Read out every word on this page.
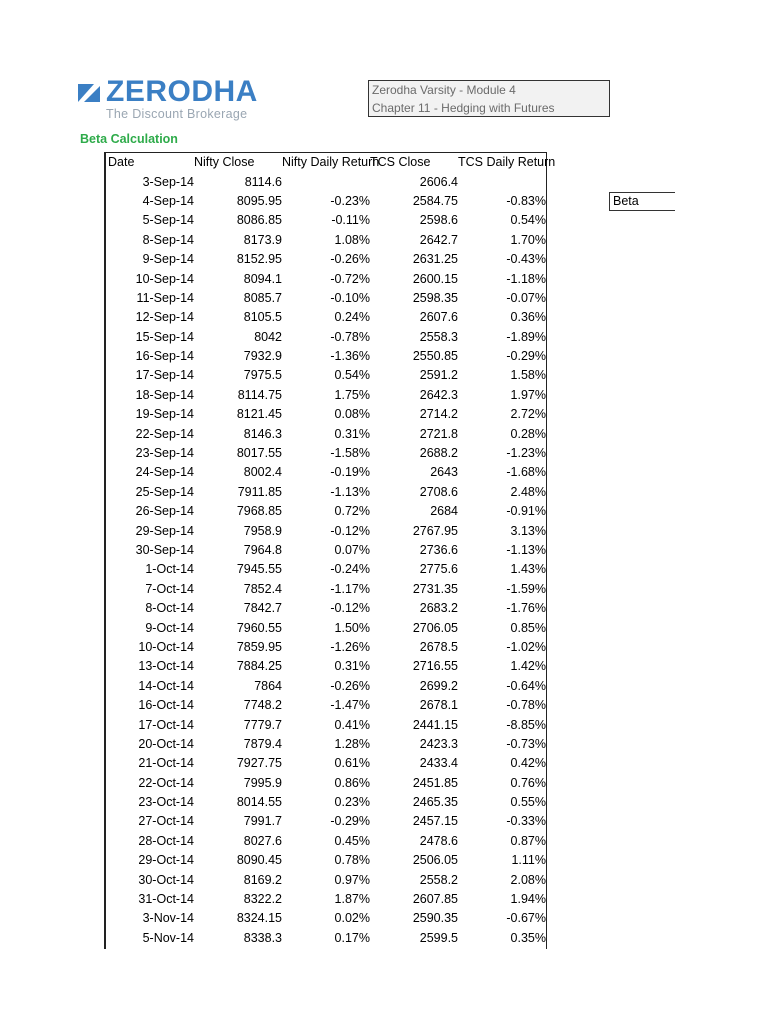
ZERODHA
The Discount Brokerage
Zerodha Varsity - Module 4
Chapter 11 - Hedging with Futures
Beta Calculation
Date	Nifty Close	Nifty Daily Return	TCS Close	TCS Daily Return
3-Sep-14	8114.6		2606.4	
4-Sep-14	8095.95	-0.23%	2584.75	-0.83%
5-Sep-14	8086.85	-0.11%	2598.6	0.54%
8-Sep-14	8173.9	1.08%	2642.7	1.70%
9-Sep-14	8152.95	-0.26%	2631.25	-0.43%
10-Sep-14	8094.1	-0.72%	2600.15	-1.18%
11-Sep-14	8085.7	-0.10%	2598.35	-0.07%
12-Sep-14	8105.5	0.24%	2607.6	0.36%
15-Sep-14	8042	-0.78%	2558.3	-1.89%
16-Sep-14	7932.9	-1.36%	2550.85	-0.29%
17-Sep-14	7975.5	0.54%	2591.2	1.58%
18-Sep-14	8114.75	1.75%	2642.3	1.97%
19-Sep-14	8121.45	0.08%	2714.2	2.72%
22-Sep-14	8146.3	0.31%	2721.8	0.28%
23-Sep-14	8017.55	-1.58%	2688.2	-1.23%
24-Sep-14	8002.4	-0.19%	2643	-1.68%
25-Sep-14	7911.85	-1.13%	2708.6	2.48%
26-Sep-14	7968.85	0.72%	2684	-0.91%
29-Sep-14	7958.9	-0.12%	2767.95	3.13%
30-Sep-14	7964.8	0.07%	2736.6	-1.13%
1-Oct-14	7945.55	-0.24%	2775.6	1.43%
7-Oct-14	7852.4	-1.17%	2731.35	-1.59%
8-Oct-14	7842.7	-0.12%	2683.2	-1.76%
9-Oct-14	7960.55	1.50%	2706.05	0.85%
10-Oct-14	7859.95	-1.26%	2678.5	-1.02%
13-Oct-14	7884.25	0.31%	2716.55	1.42%
14-Oct-14	7864	-0.26%	2699.2	-0.64%
16-Oct-14	7748.2	-1.47%	2678.1	-0.78%
17-Oct-14	7779.7	0.41%	2441.15	-8.85%
20-Oct-14	7879.4	1.28%	2423.3	-0.73%
21-Oct-14	7927.75	0.61%	2433.4	0.42%
22-Oct-14	7995.9	0.86%	2451.85	0.76%
23-Oct-14	8014.55	0.23%	2465.35	0.55%
27-Oct-14	7991.7	-0.29%	2457.15	-0.33%
28-Oct-14	8027.6	0.45%	2478.6	0.87%
29-Oct-14	8090.45	0.78%	2506.05	1.11%
30-Oct-14	8169.2	0.97%	2558.2	2.08%
31-Oct-14	8322.2	1.87%	2607.85	1.94%
3-Nov-14	8324.15	0.02%	2590.35	-0.67%
5-Nov-14	8338.3	0.17%	2599.5	0.35%
Beta
